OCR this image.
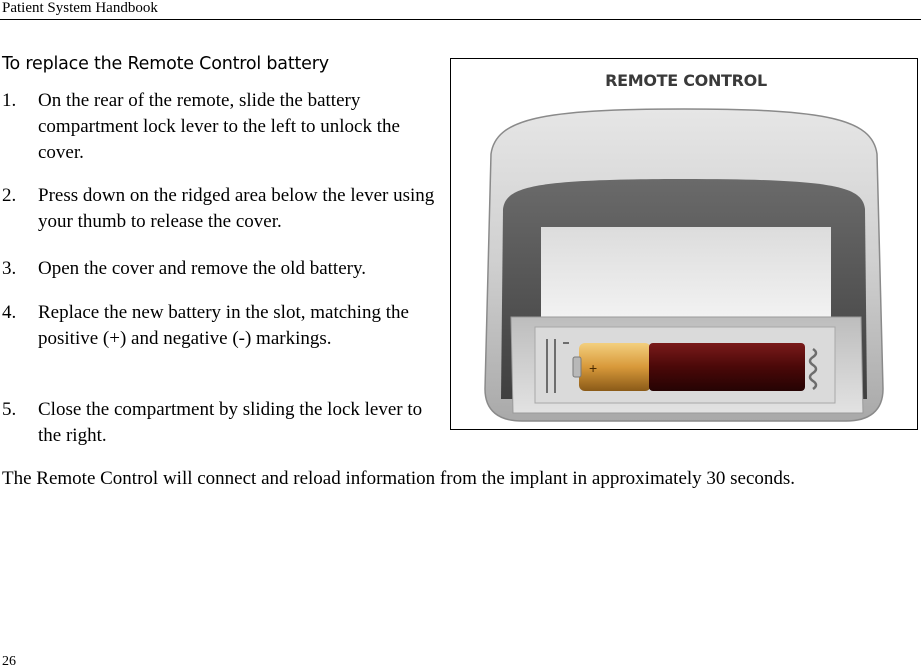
Patient System Handbook
To replace the Remote Control battery
1. On the rear of the remote, slide the battery compartment lock lever to the left to unlock the cover.
2. Press down on the ridged area below the lever using your thumb to release the cover.
3. Open the cover and remove the old battery.
4. Replace the new battery in the slot, matching the positive (+) and negative (-) markings.
5. Close the compartment by sliding the lock lever to the right.
The Remote Control will connect and reload information from the implant in approximately 30 seconds.
REMOTE CONTROL
+
26
